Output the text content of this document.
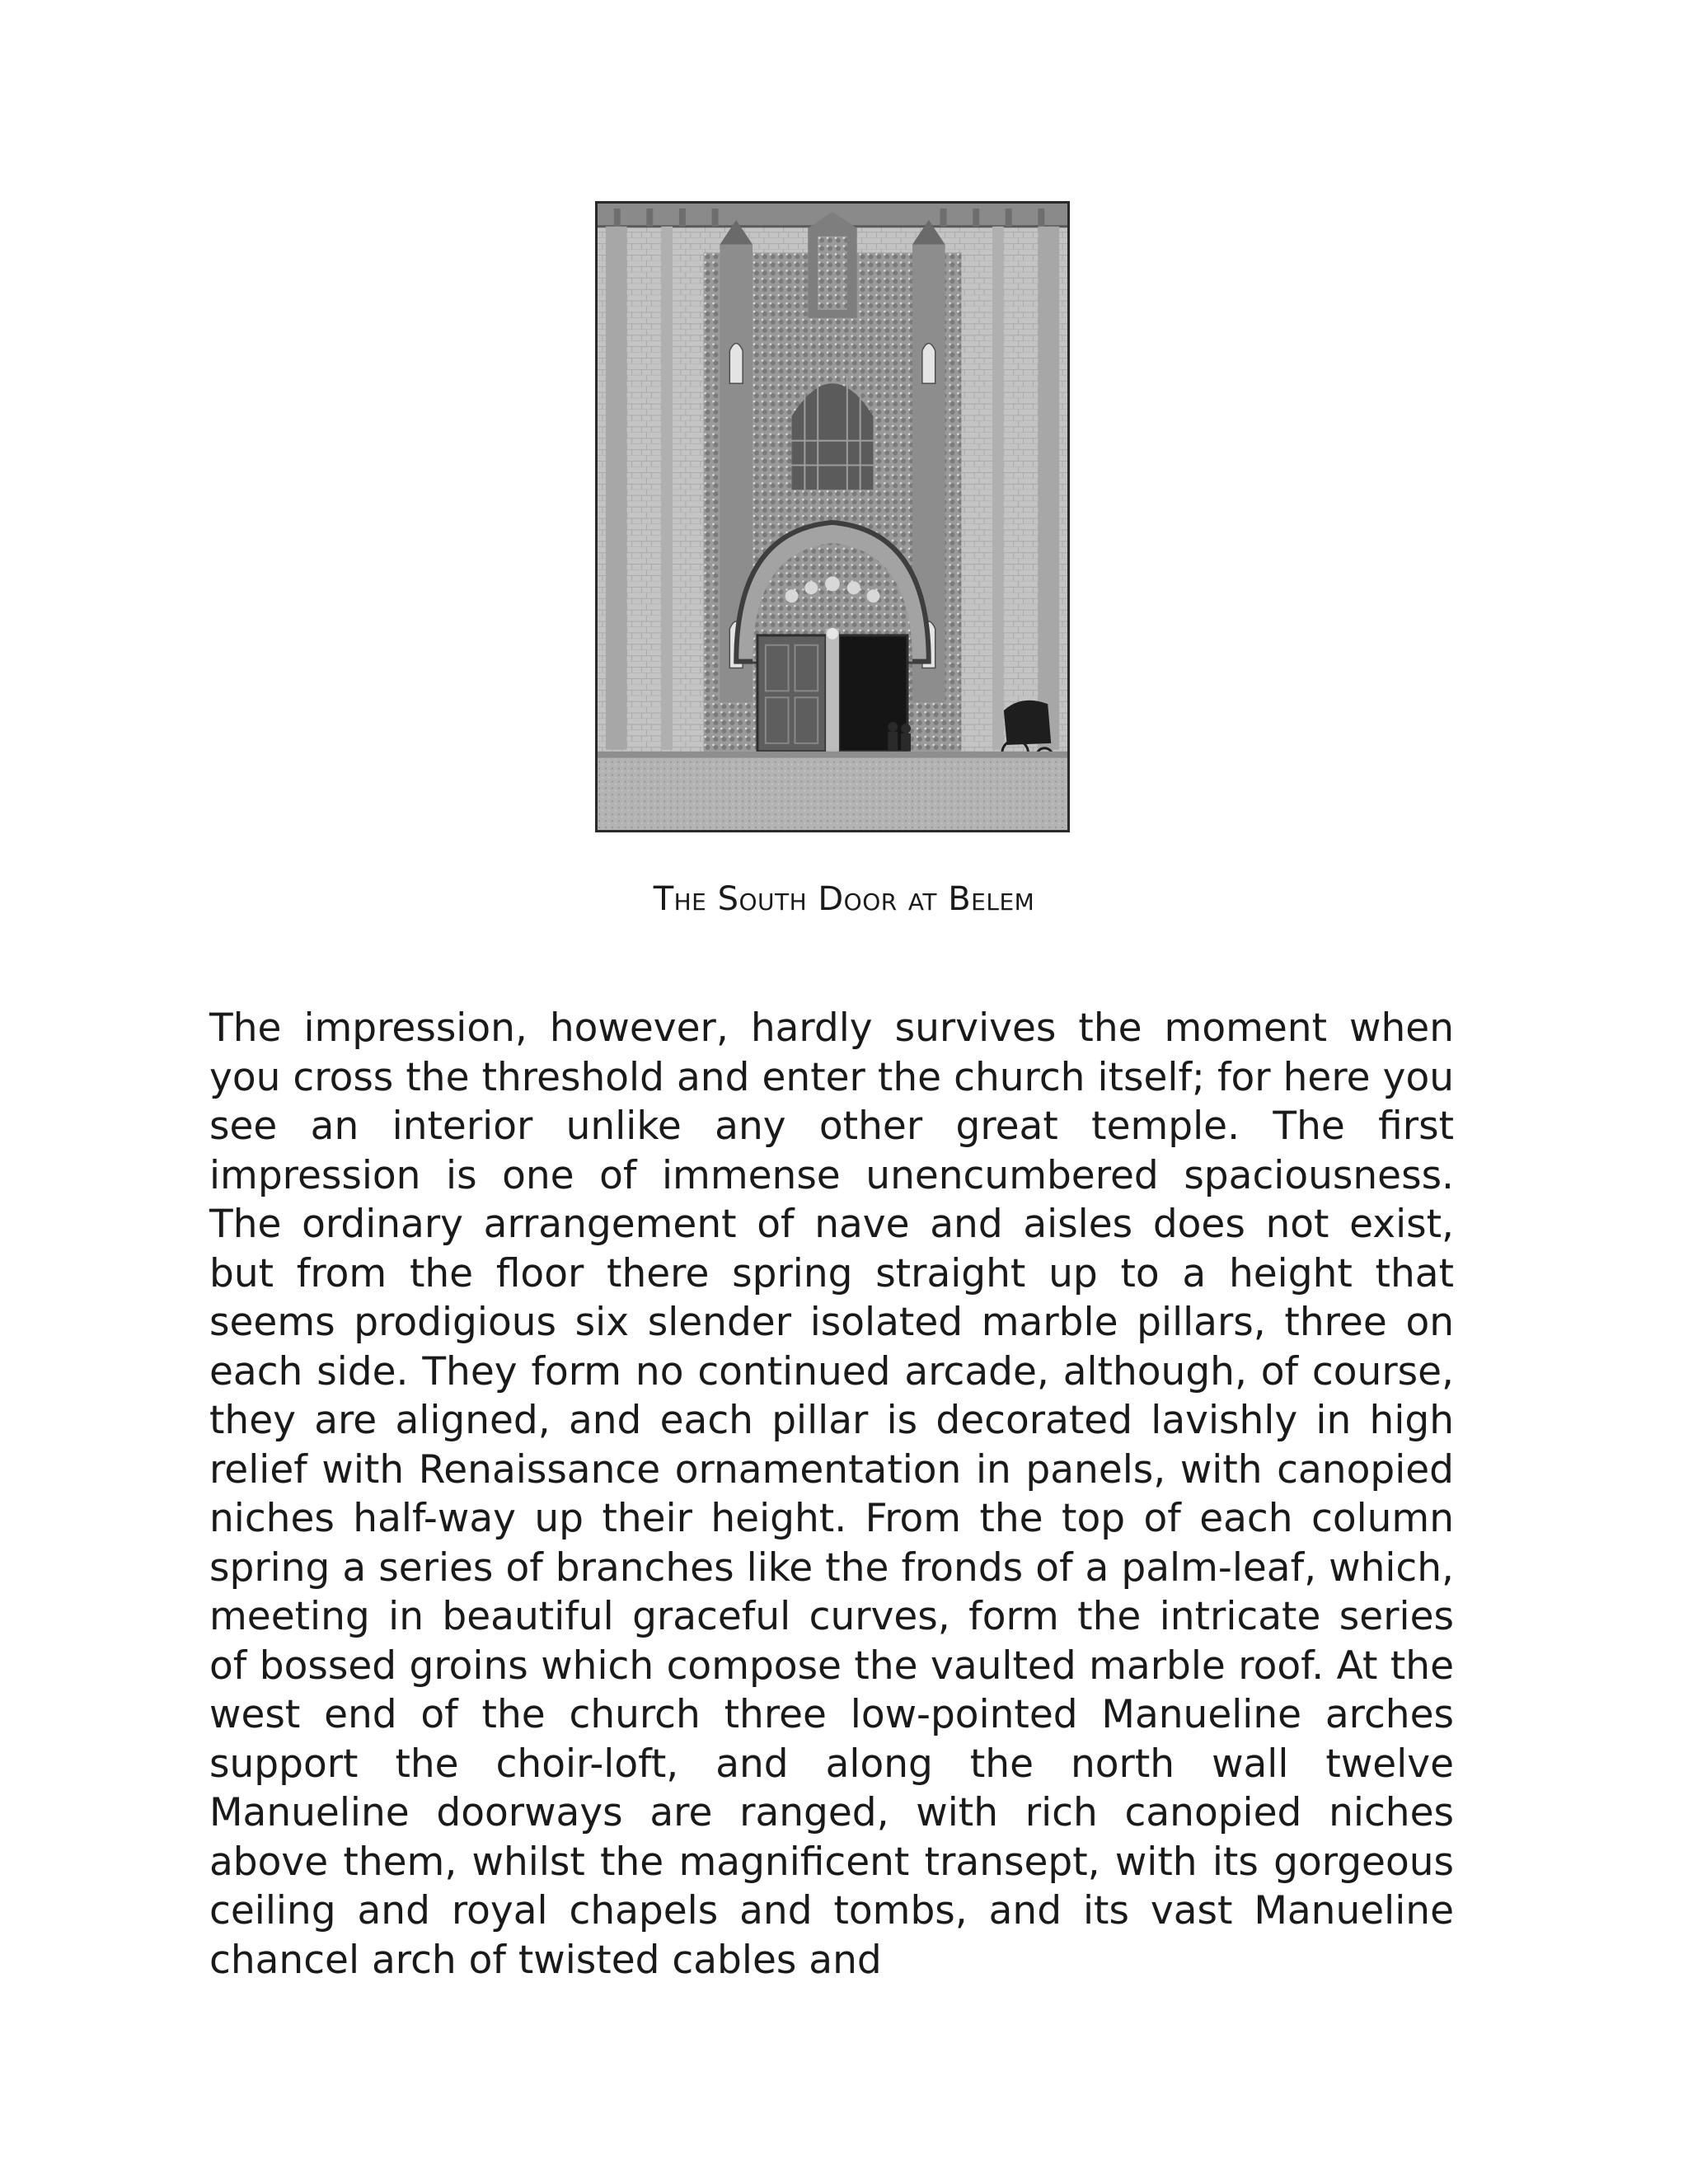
The South Door at Belem

The impression, however, hardly survives the moment when you cross the threshold and enter the church itself; for here you see an interior unlike any other great temple. The first impression is one of immense unencumbered spaciousness. The ordinary arrangement of nave and aisles does not exist, but from the floor there spring straight up to a height that seems prodigious six slender isolated marble pillars, three on each side. They form no continued arcade, although, of course, they are aligned, and each pillar is decorated lavishly in high relief with Renaissance ornamentation in panels, with canopied niches half-way up their height. From the top of each column spring a series of branches like the fronds of a palm-leaf, which, meeting in beautiful graceful curves, form the intricate series of bossed groins which compose the vaulted marble roof. At the west end of the church three low-pointed Manueline arches support the choir-loft, and along the north wall twelve Manueline doorways are ranged, with rich canopied niches above them, whilst the magnificent transept, with its gorgeous ceiling and royal chapels and tombs, and its vast Manueline chancel arch of twisted cables and
